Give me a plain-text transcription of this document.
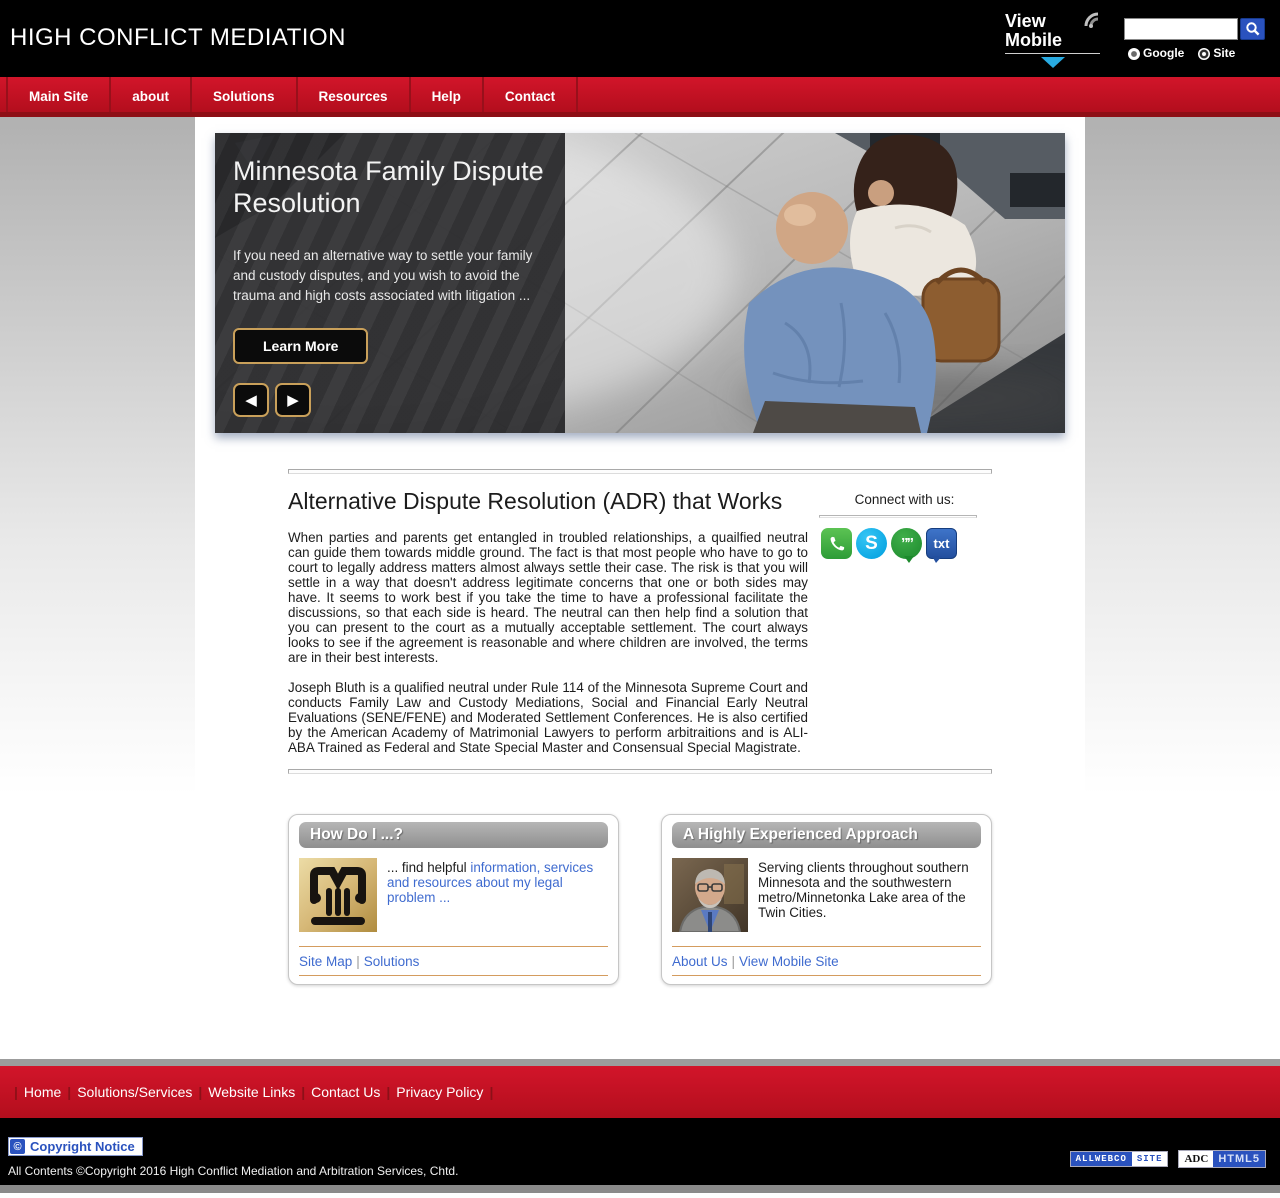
HIGH CONFLICT MEDIATION
View
Mobile
Google Site
Main Site	about	Solutions	Resources	Help	Contact
Minnesota Family Dispute Resolution
If you need an alternative way to settle your family and custody disputes, and you wish to avoid the trauma and high costs associated with litigation ...
Learn More
◀	▶
Alternative Dispute Resolution (ADR) that Works

When parties and parents get entangled in troubled relationships, a quailfied neutral can guide them towards middle ground. The fact is that most people who have to go to court to legally address matters almost always settle their case. The risk is that you will settle in a way that doesn't address legitimate concerns that one or both sides may have. It seems to work best if you take the time to have a professional facilitate the discussions, so that each side is heard. The neutral can then help find a solution that you can present to the court as a mutually acceptable settlement. The court always looks to see if the agreement is reasonable and where children are involved, the terms are in their best interests.

Joseph Bluth is a qualified neutral under Rule 114 of the Minnesota Supreme Court and conducts Family Law and Custody Mediations, Social and Financial Early Neutral Evaluations (SENE/FENE) and Moderated Settlement Conferences. He is also certified by the American Academy of Matrimonial Lawyers to perform arbitraitions and is ALI-ABA Trained as Federal and State Special Master and Consensual Special Magistrate.

Connect with us:
S ”” txt
How Do I ...?
... find helpful information, services and resources about my legal problem ...
Site Map | Solutions
A Highly Experienced Approach
Serving clients throughout southern Minnesota and the southwestern metro/Minnetonka Lake area of the Twin Cities.
About Us | View Mobile Site
| Home | Solutions/Services | Website Links | Contact Us | Privacy Policy |
© Copyright Notice
All Contents ©Copyright 2016 High Conflict Mediation and Arbitration Services, Chtd.
ALLWEBCO	SITE	ADC HTML5
